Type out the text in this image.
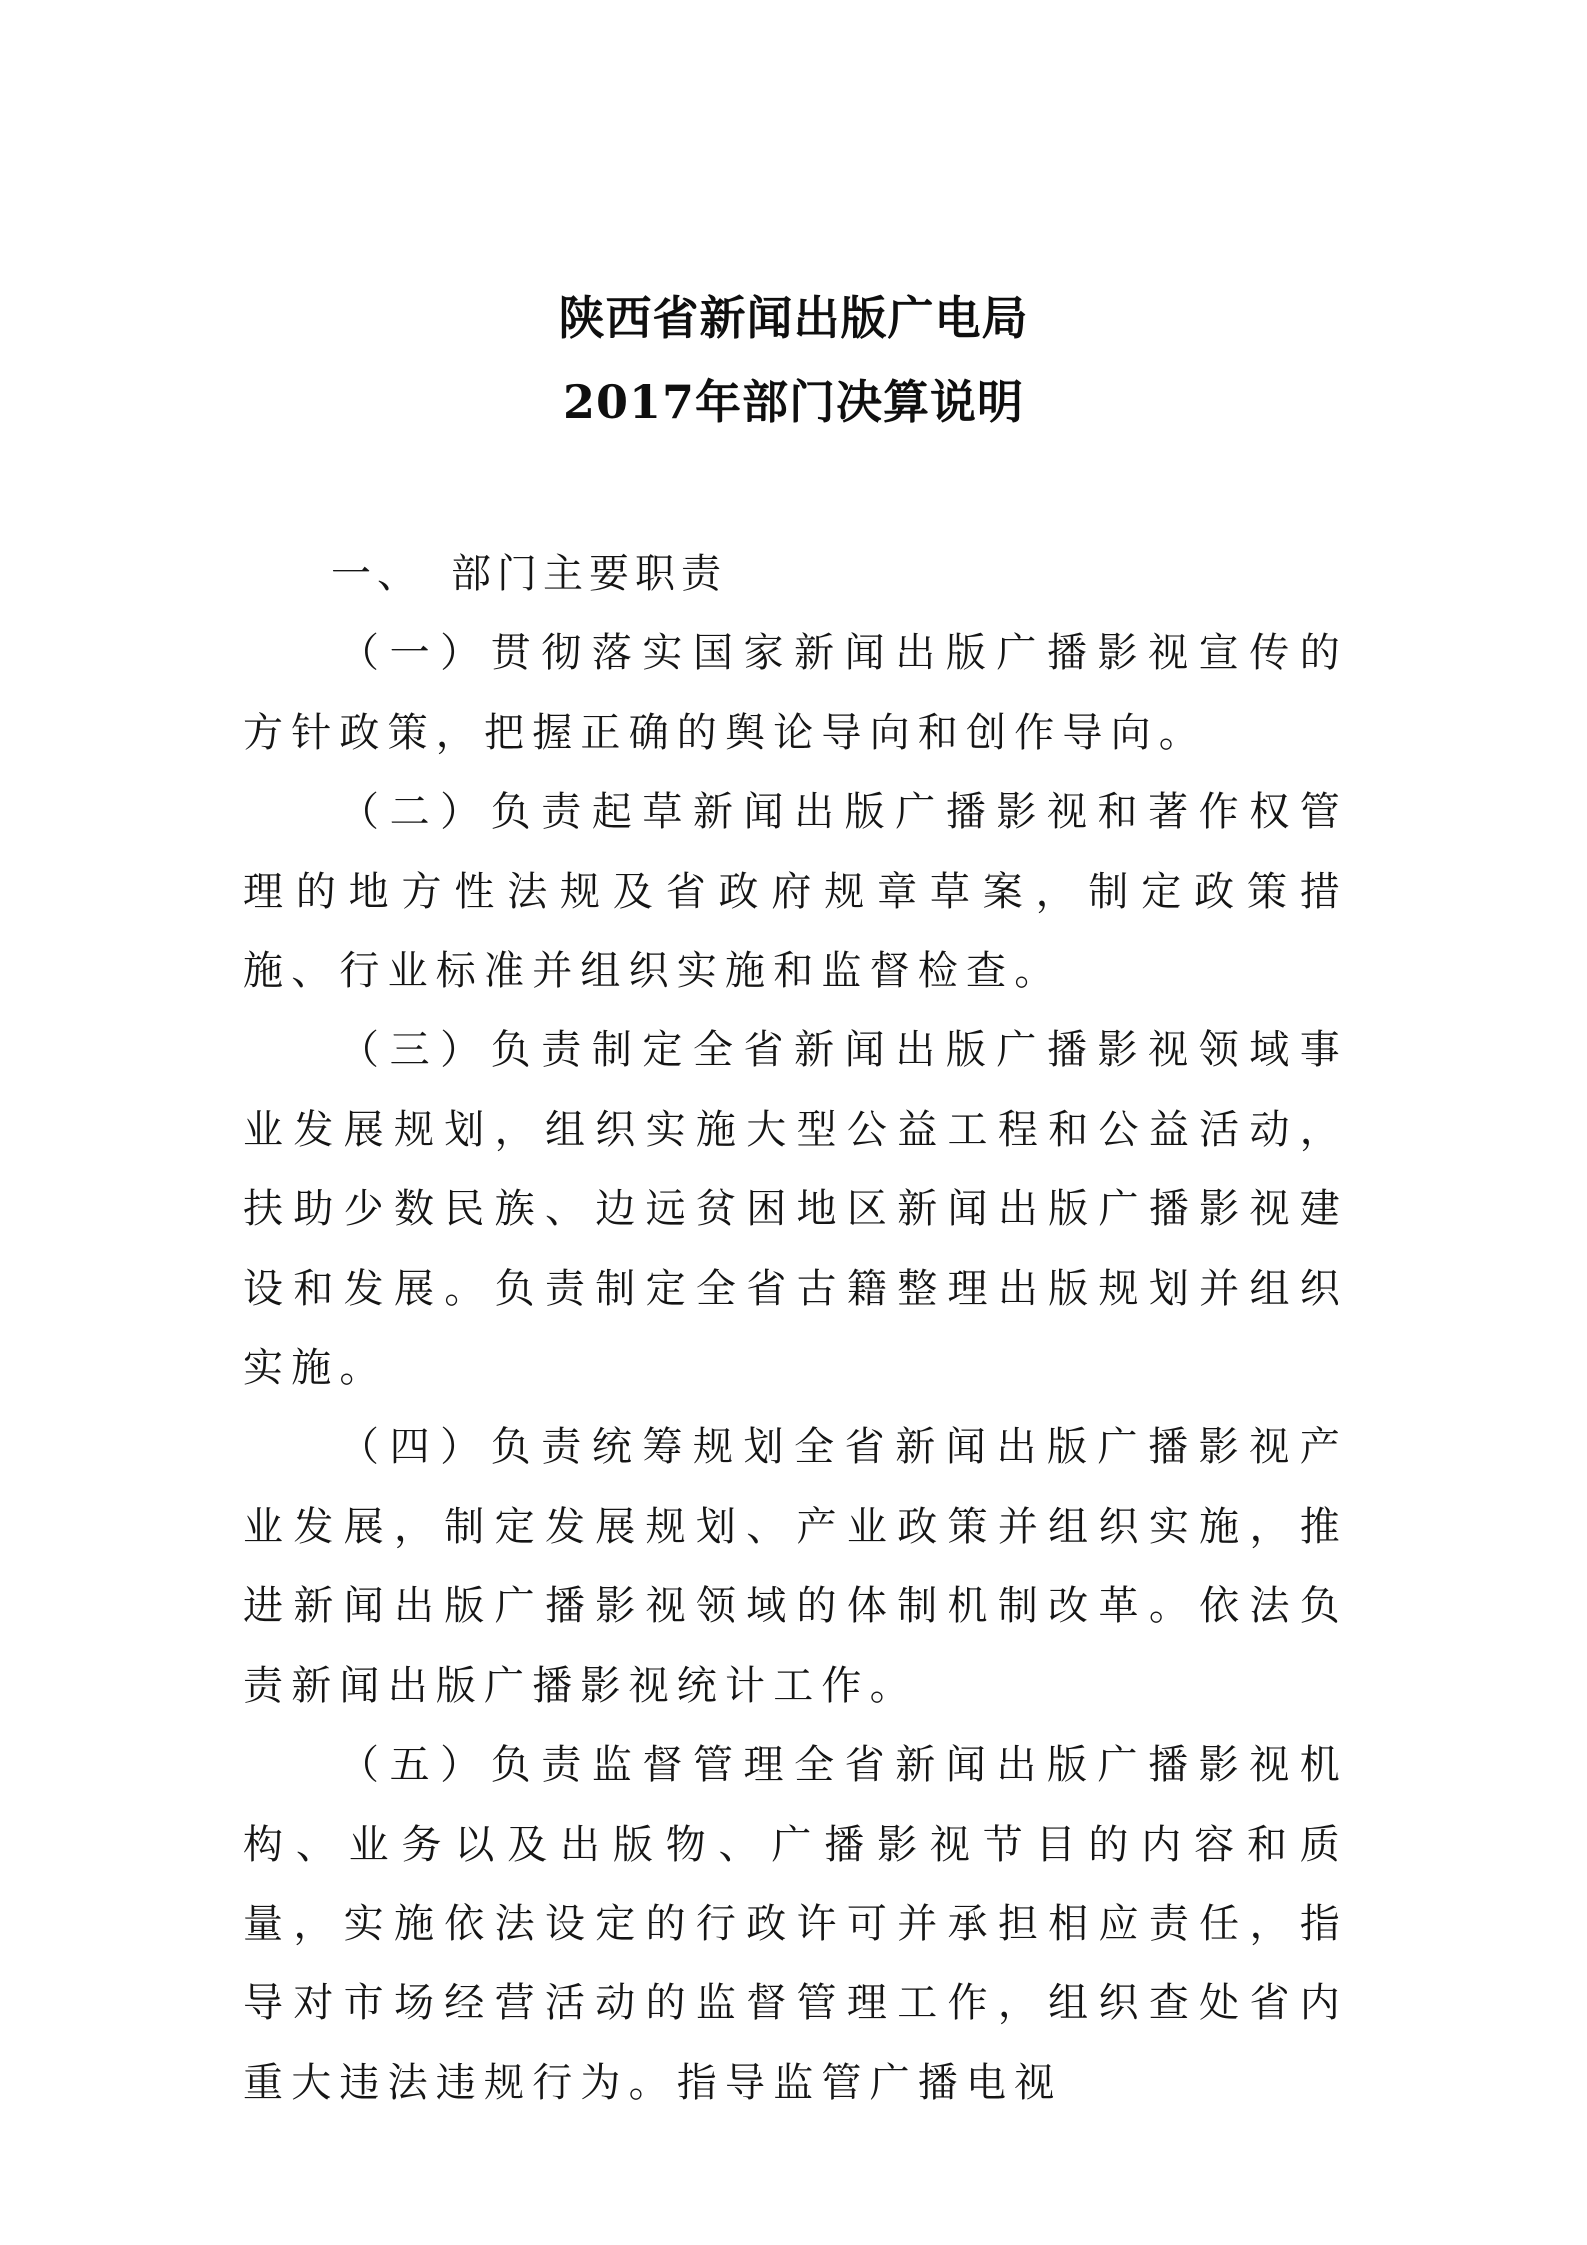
陕西省新闻出版广电局
2017年部门决算说明
一、 部门主要职责

（一）贯彻落实国家新闻出版广播影视宣传的方针政策，把握正确的舆论导向和创作导向。

（二）负责起草新闻出版广播影视和著作权管理的地方性法规及省政府规章草案，制定政策措施、行业标准并组织实施和监督检查。

（三）负责制定全省新闻出版广播影视领域事业发展规划，组织实施大型公益工程和公益活动，扶助少数民族、边远贫困地区新闻出版广播影视建设和发展。负责制定全省古籍整理出版规划并组织实施。

（四）负责统筹规划全省新闻出版广播影视产业发展，制定发展规划、产业政策并组织实施，推进新闻出版广播影视领域的体制机制改革。依法负责新闻出版广播影视统计工作。

（五）负责监督管理全省新闻出版广播影视机构、业务以及出版物、广播影视节目的内容和质量，实施依法设定的行政许可并承担相应责任，指导对市场经营活动的监督管理工作，组织查处省内重大违法违规行为。指导监管广播电视
